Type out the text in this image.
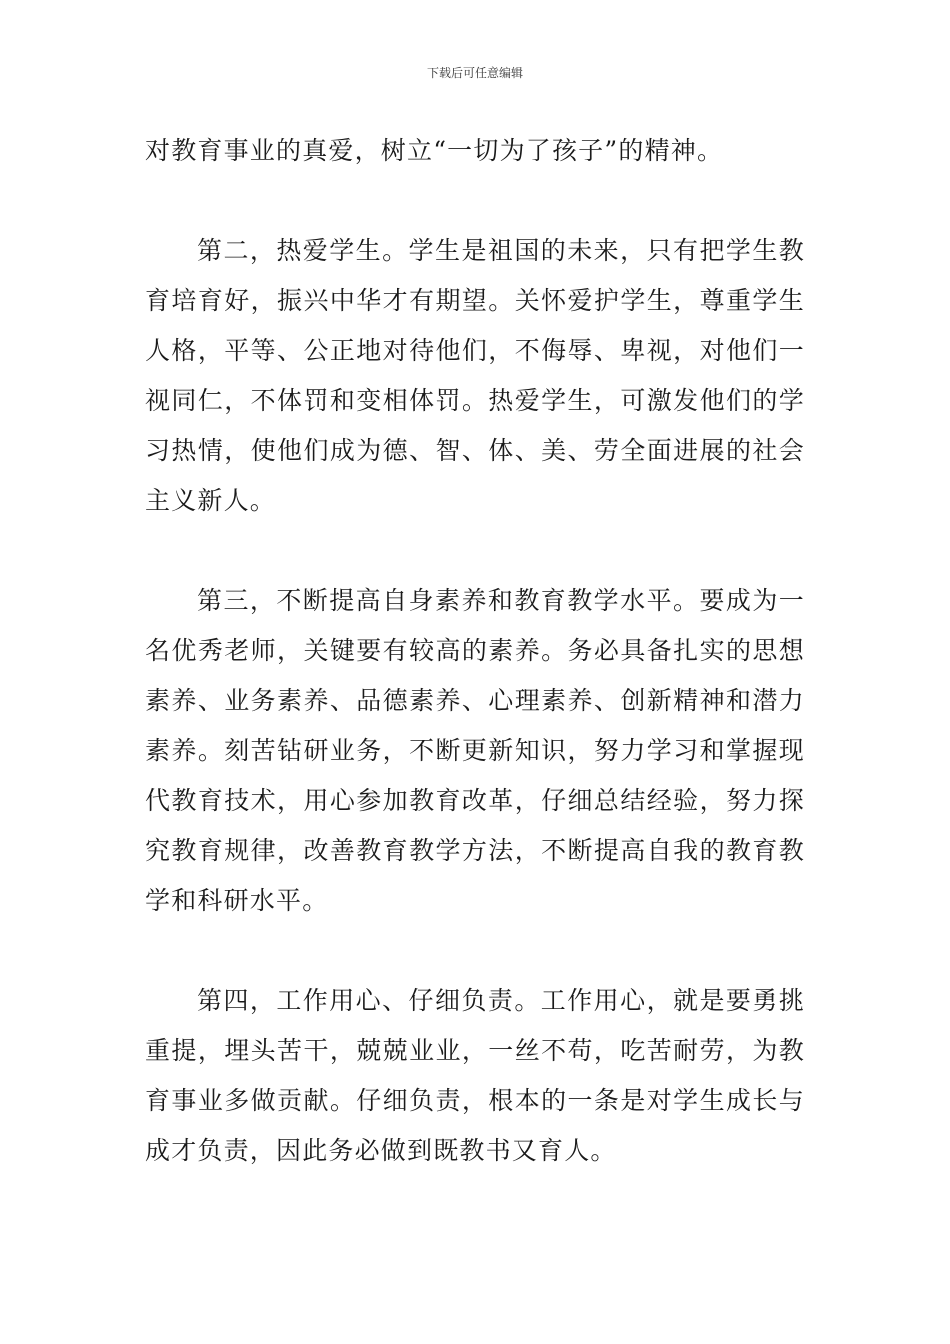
下载后可任意编辑

对教育事业的真爱，树立“一切为了孩子”的精神。

第二，热爱学生。学生是祖国的未来，只有把学生教育培育好，振兴中华才有期望。关怀爱护学生，尊重学生人格，平等、公正地对待他们，不侮辱、卑视，对他们一视同仁，不体罚和变相体罚。热爱学生，可激发他们的学习热情，使他们成为德、智、体、美、劳全面进展的社会主义新人。

第三，不断提高自身素养和教育教学水平。要成为一名优秀老师，关键要有较高的素养。务必具备扎实的思想素养、业务素养、品德素养、心理素养、创新精神和潜力素养。刻苦钻研业务，不断更新知识，努力学习和掌握现代教育技术，用心参加教育改革，仔细总结经验，努力探究教育规律，改善教育教学方法，不断提高自我的教育教学和科研水平。

第四，工作用心、仔细负责。工作用心，就是要勇挑重提，埋头苦干，兢兢业业，一丝不苟，吃苦耐劳，为教育事业多做贡献。仔细负责，根本的一条是对学生成长与成才负责，因此务必做到既教书又育人。
